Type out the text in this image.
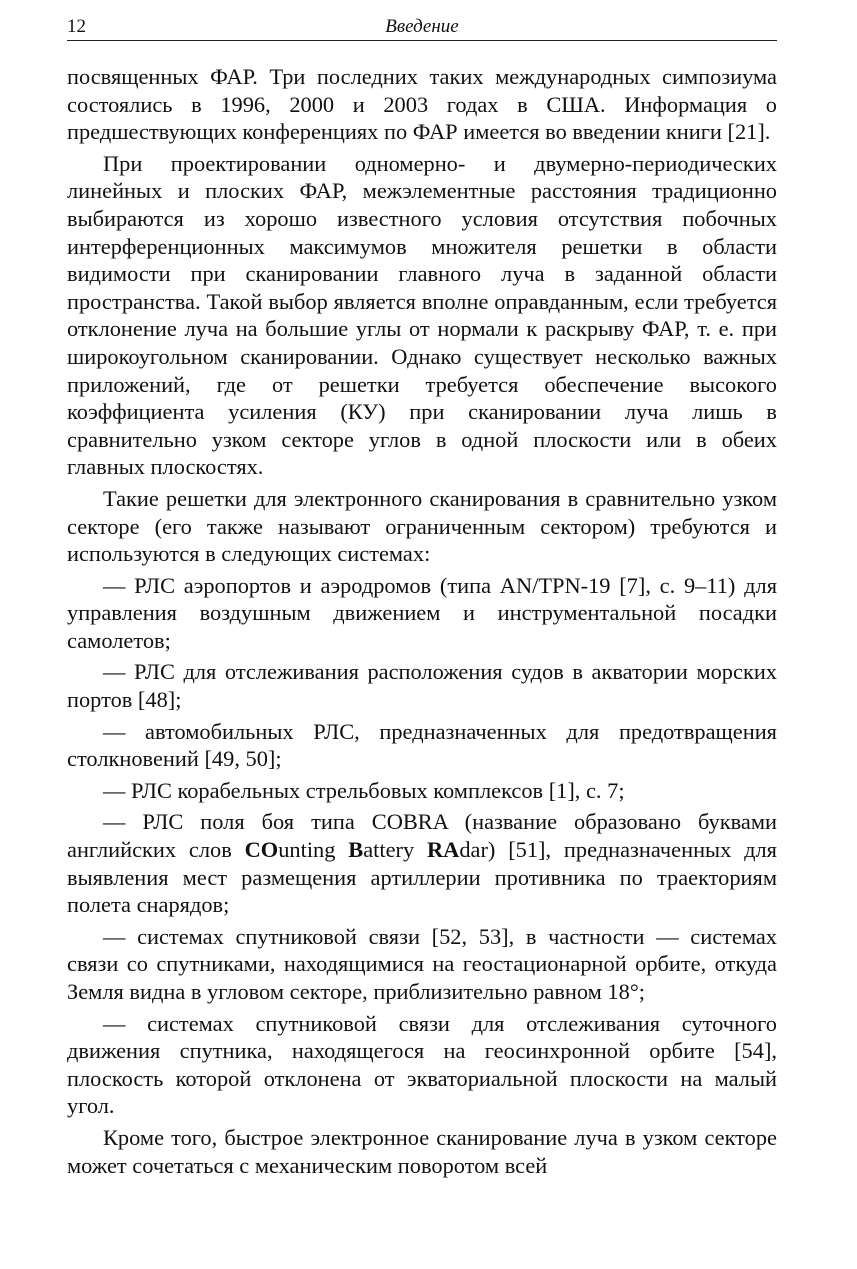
12	Введение

посвященных ФАР. Три последних таких международных симпозиума состоялись в 1996, 2000 и 2003 годах в США. Информация о предшествующих конференциях по ФАР имеется во введении книги [21].

При проектировании одномерно- и двумерно-периодических линейных и плоских ФАР, межэлементные расстояния традиционно выбираются из хорошо известного условия отсутствия побочных интерференционных максимумов множителя решетки в области видимости при сканировании главного луча в заданной области пространства. Такой выбор является вполне оправданным, если требуется отклонение луча на большие углы от нормали к раскрыву ФАР, т. е. при широкоугольном сканировании. Однако существует несколько важных приложений, где от решетки требуется обеспечение высокого коэффициента усиления (КУ) при сканировании луча лишь в сравнительно узком секторе углов в одной плоскости или в обеих главных плоскостях.

Такие решетки для электронного сканирования в сравнительно узком секторе (его также называют ограниченным сектором) требуются и используются в следующих системах:

— РЛС аэропортов и аэродромов (типа AN/TPN-19 [7], с. 9–11) для управления воздушным движением и инструментальной посадки самолетов;

— РЛС для отслеживания расположения судов в акватории морских портов [48];

— автомобильных РЛС, предназначенных для предотвращения столкновений [49, 50];

— РЛС корабельных стрельбовых комплексов [1], с. 7;

— РЛС поля боя типа COBRA (название образовано буквами английских слов COunting Battery RAdar) [51], предназначенных для выявления мест размещения артиллерии противника по траекториям полета снарядов;

— системах спутниковой связи [52, 53], в частности — системах связи со спутниками, находящимися на геостационарной орбите, откуда Земля видна в угловом секторе, приблизительно равном 18°;

— системах спутниковой связи для отслеживания суточного движения спутника, находящегося на геосинхронной орбите [54], плоскость которой отклонена от экваториальной плоскости на малый угол.

Кроме того, быстрое электронное сканирование луча в узком секторе может сочетаться с механическим поворотом всей
